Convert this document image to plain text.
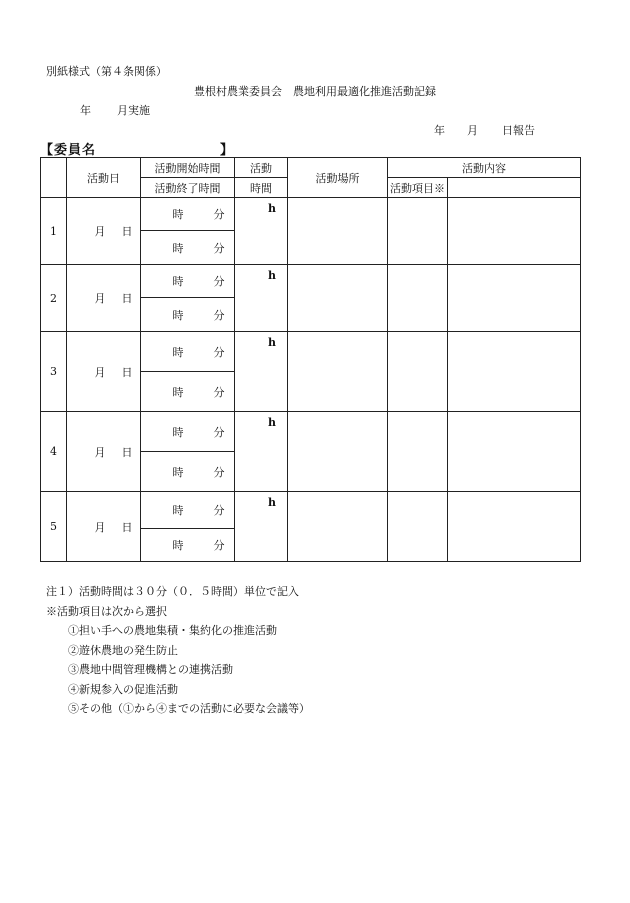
別紙様式（第４条関係）
豊根村農業委員会　農地利用最適化推進活動記録
年 月実施
年 月 日報告
【委員名	】
	活動日	活動開始時間	活動	活動場所	活動内容	
		活動終了時間	時間		活動項目※	
1	月 日	時 分	h			

		時 分				
2	月 日	時 分	h			

		時 分				
3	月 日	時 分	h			

		時 分				
4	月 日	時 分	h			

		時 分				
5	月 日	時 分	h			

		時 分				
注１）活動時間は３０分（０．５時間）単位で記入
※活動項目は次から選択
①担い手への農地集積・集約化の推進活動
②遊休農地の発生防止
③農地中間管理機構との連携活動
④新規参入の促進活動
⑤その他（①から④までの活動に必要な会議等）
